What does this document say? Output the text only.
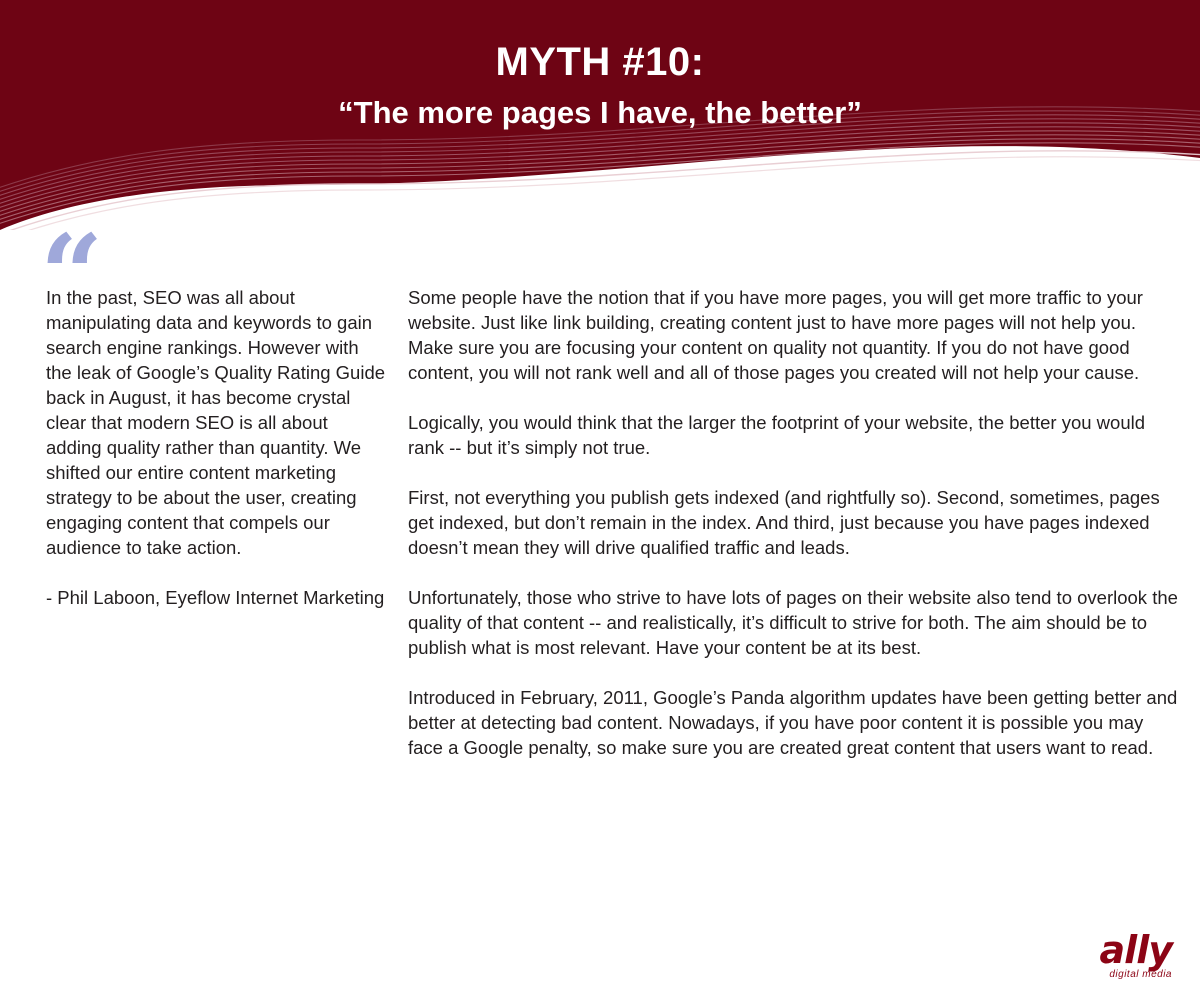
MYTH #10:
“The more pages I have, the better”
“

In the past, SEO was all about manipulating data and keywords to gain search engine rankings. However with the leak of Google’s Quality Rating Guide back in August, it has become crystal clear that modern SEO is all about adding quality rather than quantity. We shifted our entire content marketing strategy to be about the user, creating engaging content that compels our audience to take action.

- Phil Laboon, Eyeflow Internet Marketing

Some people have the notion that if you have more pages, you will get more traffic to your website. Just like link building, creating content just to have more pages will not help you. Make sure you are focusing your content on quality not quantity. If you do not have good content, you will not rank well and all of those pages you created will not help your cause.

Logically, you would think that the larger the footprint of your website, the better you would rank -- but it’s simply not true.

First, not everything you publish gets indexed (and rightfully so). Second, sometimes, pages get indexed, but don’t remain in the index. And third, just because you have pages indexed doesn’t mean they will drive qualified traffic and leads.

Unfortunately, those who strive to have lots of pages on their website also tend to overlook the quality of that content -- and realistically, it’s difficult to strive for both. The aim should be to publish what is most relevant. Have your content be at its best.

Introduced in February, 2011, Google’s Panda algorithm updates have been getting better and better at detecting bad content. Nowadays, if you have poor content it is possible you may face a Google penalty, so make sure you are created great content that users want to read.

ally
digital media
